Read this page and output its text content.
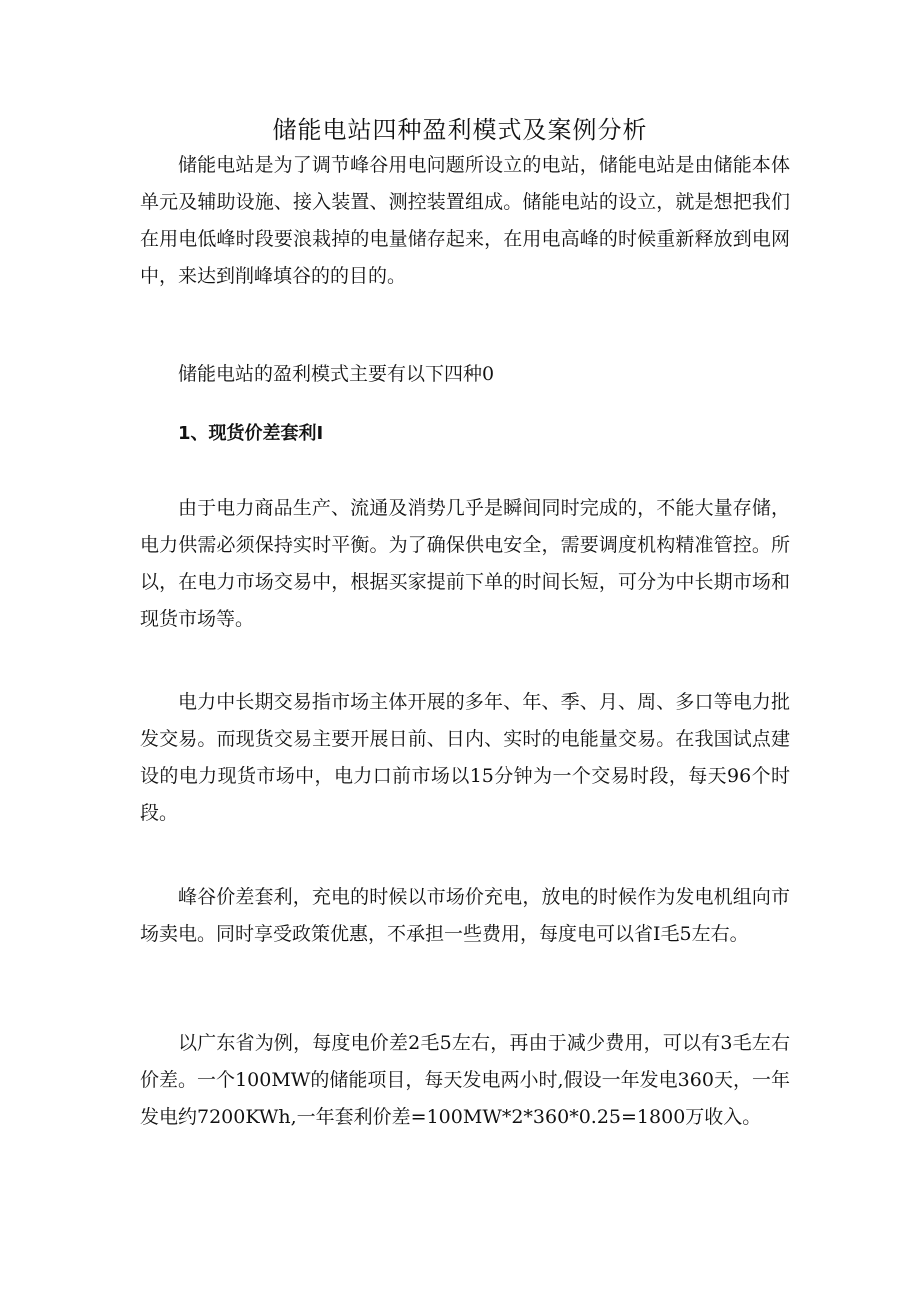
储能电站四种盈利模式及案例分析

储能电站是为了调节峰谷用电问题所设立的电站，储能电站是由储能本体单元及辅助设施、接入装置、测控装置组成。储能电站的设立，就是想把我们在用电低峰时段要浪栽掉的电量储存起来，在用电高峰的时候重新释放到电网中，来达到削峰填谷的的目的。

储能电站的盈利模式主要有以下四种0

1、现货价差套利I

由于电力商品生产、流通及消势几乎是瞬间同时完成的，不能大量存储，电力供需必须保持实时平衡。为了确保供电安全，需要调度机构精准管控。所以，在电力市场交易中，根据买家提前下单的时间长短，可分为中长期市场和现货市场等。

电力中长期交易指市场主体开展的多年、年、季、月、周、多口等电力批发交易。而现货交易主要开展日前、日内、实时的电能量交易。在我国试点建设的电力现货市场中，电力口前市场以15分钟为一个交易时段，每天96个时段。

峰谷价差套利，充电的时候以市场价充电，放电的时候作为发电机组向市场卖电。同时享受政策优惠，不承担一些费用，每度电可以省I毛5左右。

以广东省为例，每度电价差2毛5左右，再由于减少费用，可以有3毛左右价差。一个100MW的储能项目，每天发电两小时,假设一年发电360天，一年发电约7200KWh,一年套利价差=100MW*2*360*0.25=1800万收入。
